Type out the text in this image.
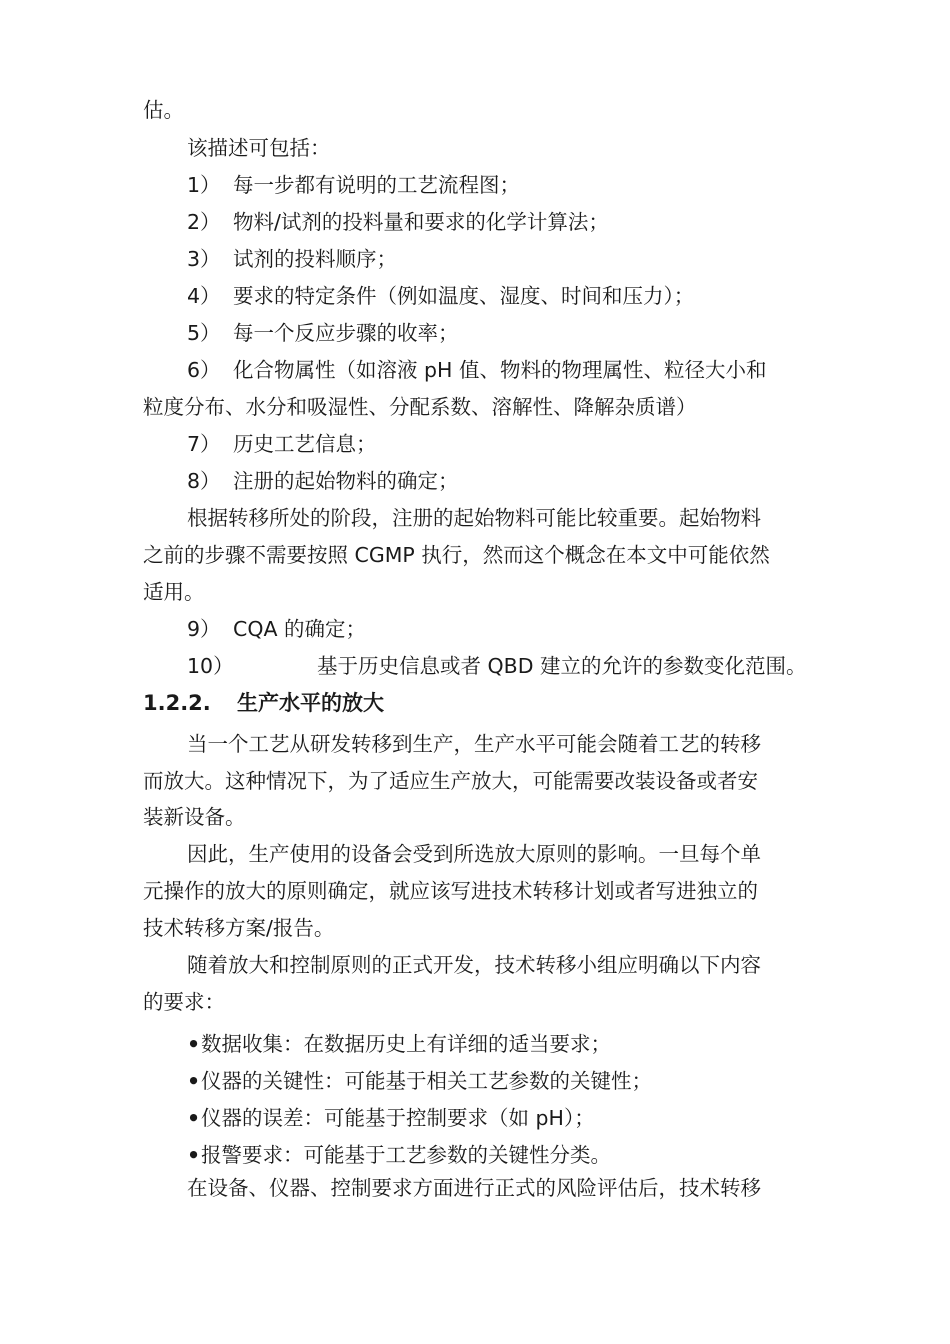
估。
该描述可包括：
1） 每一步都有说明的工艺流程图；
2） 物料/试剂的投料量和要求的化学计算法；
3） 试剂的投料顺序；
4） 要求的特定条件（例如温度、湿度、时间和压力）；
5） 每一个反应步骤的收率；
6） 化合物属性（如溶液 pH 值、物料的物理属性、粒径大小和
粒度分布、水分和吸湿性、分配系数、溶解性、降解杂质谱）
7） 历史工艺信息；
8） 注册的起始物料的确定；
根据转移所处的阶段，注册的起始物料可能比较重要。起始物料
之前的步骤不需要按照 CGMP 执行，然而这个概念在本文中可能依然
适用。
9） CQA 的确定；
10）	基于历史信息或者 QBD 建立的允许的参数变化范围。
1.2.2. 生产水平的放大
当一个工艺从研发转移到生产，生产水平可能会随着工艺的转移
而放大。这种情况下，为了适应生产放大，可能需要改装设备或者安
装新设备。
因此，生产使用的设备会受到所选放大原则的影响。一旦每个单
元操作的放大的原则确定，就应该写进技术转移计划或者写进独立的
技术转移方案/报告。
随着放大和控制原则的正式开发，技术转移小组应明确以下内容
的要求：
•数据收集：在数据历史上有详细的适当要求；
•仪器的关键性：可能基于相关工艺参数的关键性；
•仪器的误差：可能基于控制要求（如 pH）；
•报警要求：可能基于工艺参数的关键性分类。
在设备、仪器、控制要求方面进行正式的风险评估后，技术转移
